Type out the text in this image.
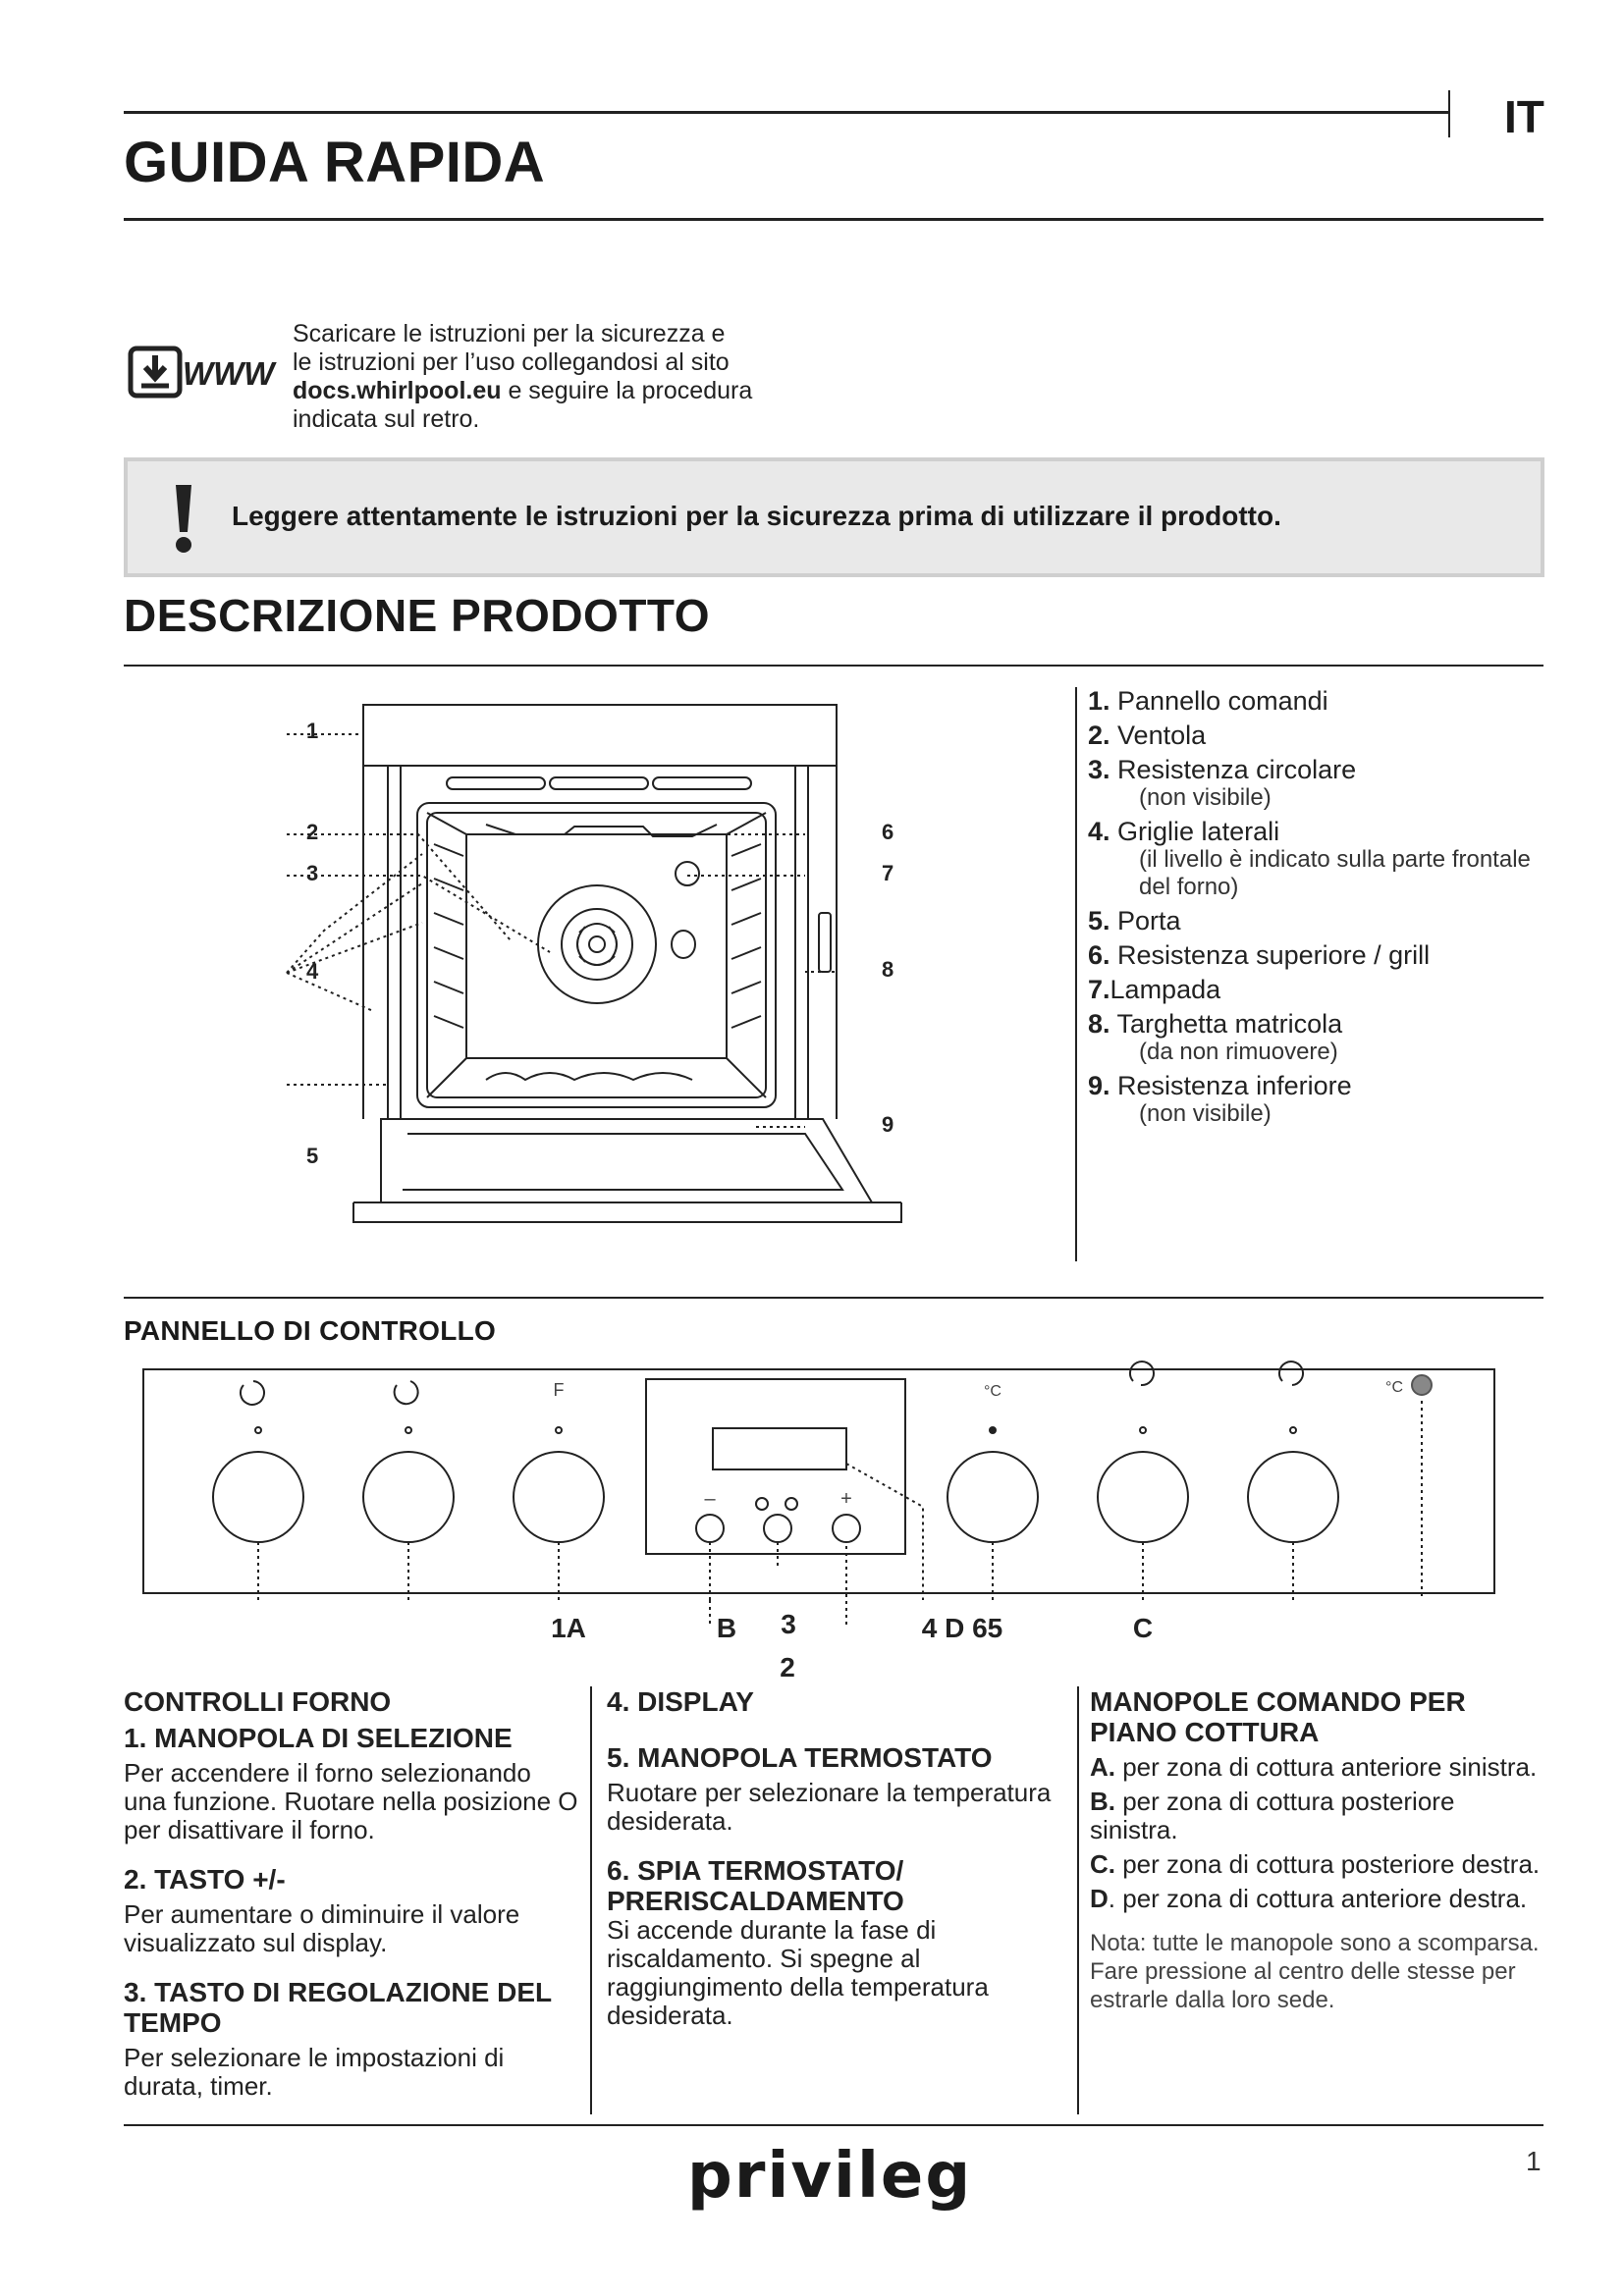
IT
GUIDA RAPIDA
WWW
Scaricare le istruzioni per la sicurezza e
le istruzioni per l’uso collegandosi al sito
docs.whirlpool.eu e seguire la procedura
indicata sul retro.
Leggere attentamente le istruzioni per la sicurezza prima di utilizzare il prodotto.
DESCRIZIONE PRODOTTO
1
2
3
4
5
6
7
8
9
1. Pannello comandi
2. Ventola
3. Resistenza circolare
(non visibile)
4. Griglie laterali
(il livello è indicato sulla parte frontale del forno)
5. Porta
6. Resistenza superiore / grill
7.Lampada
8. Targhetta matricola
(da non rimuovere)
9. Resistenza inferiore
(non visibile)
PANNELLO DI CONTROLLO
F	°C	°C
–	+
1A	B 3	4 D 65	C
2
CONTROLLI FORNO
1. MANOPOLA DI SELEZIONE
Per accendere il forno selezionando una funzione. Ruotare nella posizione O per disattivare il forno.
2. TASTO +/-
Per aumentare o diminuire il valore visualizzato sul display.
3. TASTO DI REGOLAZIONE DEL TEMPO
Per selezionare le impostazioni di durata, timer.
4. DISPLAY
5. MANOPOLA TERMOSTATO
Ruotare per selezionare la temperatura desiderata.
6. SPIA TERMOSTATO/ PRERISCALDAMENTO
Si accende durante la fase di riscaldamento. Si spegne al raggiungimento della temperatura desiderata.
MANOPOLE COMANDO PER PIANO COTTURA
A. per zona di cottura anteriore sinistra.
B. per zona di cottura posteriore sinistra.
C. per zona di cottura posteriore destra.
D. per zona di cottura anteriore destra.
Nota: tutte le manopole sono a scomparsa. Fare pressione al centro delle stesse per estrarle dalla loro sede.
privileg	1
